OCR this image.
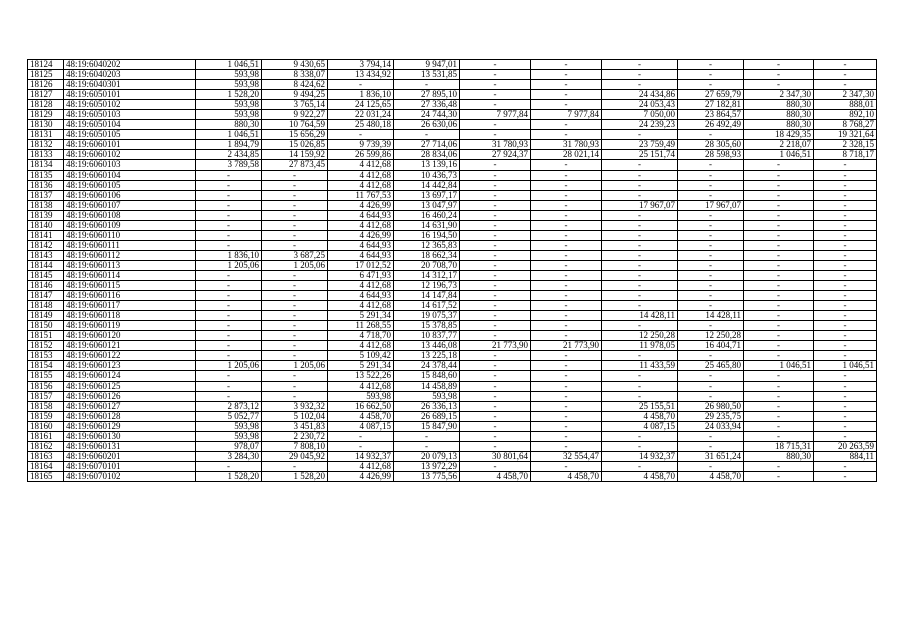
18124	48:19:6040202	1 046,51	9 430,65	3 794,14	9 947,01	-	-	-	-	-	-
18125	48:19:6040203	593,98	8 338,07	13 434,92	13 531,85	-	-	-	-	-	-
18126	48:19:6040301	593,98	8 424,62	-	-	-	-	-	-	-	-
18127	48:19:6050101	1 528,20	9 494,25	1 836,10	27 895,10	-	-	24 434,86	27 659,79	2 347,30	2 347,30
18128	48:19:6050102	593,98	3 765,14	24 125,65	27 336,48	-	-	24 053,43	27 182,81	880,30	888,01
18129	48:19:6050103	593,98	9 922,27	22 031,24	24 744,30	7 977,84	7 977,84	7 050,00	23 864,57	880,30	892,10
18130	48:19:6050104	880,30	10 764,59	25 480,18	26 630,06	-	-	24 239,23	26 492,49	880,30	8 768,27
18131	48:19:6050105	1 046,51	15 656,29	-	-	-	-	-	-	18 429,35	19 321,64
18132	48:19:6060101	1 894,79	15 026,85	9 739,39	27 714,06	31 780,93	31 780,93	23 759,49	28 305,60	2 218,07	2 328,15
18133	48:19:6060102	2 434,85	14 159,92	26 599,86	28 834,06	27 924,37	28 021,14	25 151,74	28 598,93	1 046,51	8 718,17
18134	48:19:6060103	3 789,58	27 873,45	4 412,68	13 139,16	-	-	-	-	-	-
18135	48:19:6060104	-	-	4 412,68	10 436,73	-	-	-	-	-	-
18136	48:19:6060105	-	-	4 412,68	14 442,84	-	-	-	-	-	-
18137	48:19:6060106	-	-	11 767,53	13 697,17	-	-	-	-	-	-
18138	48:19:6060107	-	-	4 426,99	13 047,97	-	-	17 967,07	17 967,07	-	-
18139	48:19:6060108	-	-	4 644,93	16 460,24	-	-	-	-	-	-
18140	48:19:6060109	-	-	4 412,68	14 631,90	-	-	-	-	-	-
18141	48:19:6060110	-	-	4 426,99	16 194,50	-	-	-	-	-	-
18142	48:19:6060111	-	-	4 644,93	12 365,83	-	-	-	-	-	-
18143	48:19:6060112	1 836,10	3 687,25	4 644,93	18 662,34	-	-	-	-	-	-
18144	48:19:6060113	1 205,06	1 205,06	17 012,52	20 708,70	-	-	-	-	-	-
18145	48:19:6060114	-	-	6 471,93	14 312,17	-	-	-	-	-	-
18146	48:19:6060115	-	-	4 412,68	12 196,73	-	-	-	-	-	-
18147	48:19:6060116	-	-	4 644,93	14 147,84	-	-	-	-	-	-
18148	48:19:6060117	-	-	4 412,68	14 617,52	-	-	-	-	-	-
18149	48:19:6060118	-	-	5 291,34	19 075,37	-	-	14 428,11	14 428,11	-	-
18150	48:19:6060119	-	-	11 268,55	15 378,85	-	-	-	-	-	-
18151	48:19:6060120	-	-	4 718,70	10 837,77	-	-	12 250,28	12 250,28	-	-
18152	48:19:6060121	-	-	4 412,68	13 446,08	21 773,90	21 773,90	11 978,05	16 404,71	-	-
18153	48:19:6060122	-	-	5 109,42	13 225,18	-	-	-	-	-	-
18154	48:19:6060123	1 205,06	1 205,06	5 291,34	24 378,44	-	-	11 433,59	25 465,80	1 046,51	1 046,51
18155	48:19:6060124	-	-	13 522,26	15 848,60	-	-	-	-	-	-
18156	48:19:6060125	-	-	4 412,68	14 458,89	-	-	-	-	-	-
18157	48:19:6060126	-	-	593,98	593,98	-	-	-	-	-	-
18158	48:19:6060127	2 873,12	3 932,32	16 662,50	26 336,13	-	-	25 155,51	26 980,50	-	-
18159	48:19:6060128	5 052,77	5 102,04	4 458,70	26 689,15	-	-	4 458,70	29 235,75	-	-
18160	48:19:6060129	593,98	3 451,83	4 087,15	15 847,90	-	-	4 087,15	24 033,94	-	-
18161	48:19:6060130	593,98	2 230,72	-	-	-	-	-	-	-	-
18162	48:19:6060131	978,07	7 808,10	-	-	-	-	-	-	18 715,31	20 263,59
18163	48:19:6060201	3 284,30	29 045,92	14 932,37	20 079,13	30 801,64	32 554,47	14 932,37	31 651,24	880,30	884,11
18164	48:19:6070101	-	-	4 412,68	13 972,29	-	-	-	-	-	-
18165	48:19:6070102	1 528,20	1 528,20	4 426,99	13 775,56	4 458,70	4 458,70	4 458,70	4 458,70	-	-
